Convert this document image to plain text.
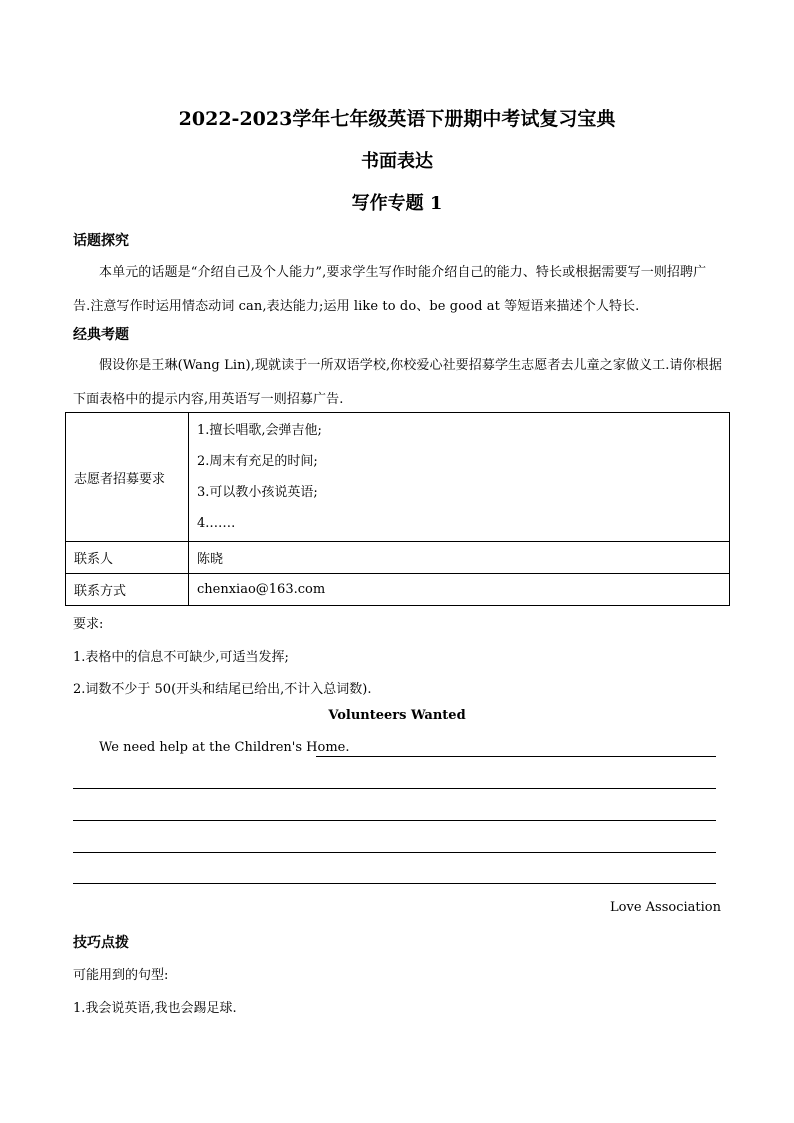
2022-2023学年七年级英语下册期中考试复习宝典
书面表达
写作专题 1
话题探究
本单元的话题是“介绍自己及个人能力”,要求学生写作时能介绍自己的能力、特长或根据需要写一则招聘广告.注意写作时运用情态动词 can,表达能力;运用 like to do、be good at 等短语来描述个人特长.
经典考题
假设你是王琳(Wang Lin),现就读于一所双语学校,你校爱心社要招募学生志愿者去儿童之家做义工.请你根据下面表格中的提示内容,用英语写一则招募广告.
志愿者招募要求	1.擅长唱歌,会弹吉他;
2.周末有充足的时间;
3.可以教小孩说英语;
4.……

联系人	陈晓
联系方式	chenxiao@163.com
要求:
1.表格中的信息不可缺少,可适当发挥;
2.词数不少于 50(开头和结尾已给出,不计入总词数).
Volunteers Wanted
We need help at the Children's Home.
Love Association
技巧点拨
可能用到的句型:
1.我会说英语,我也会踢足球.
